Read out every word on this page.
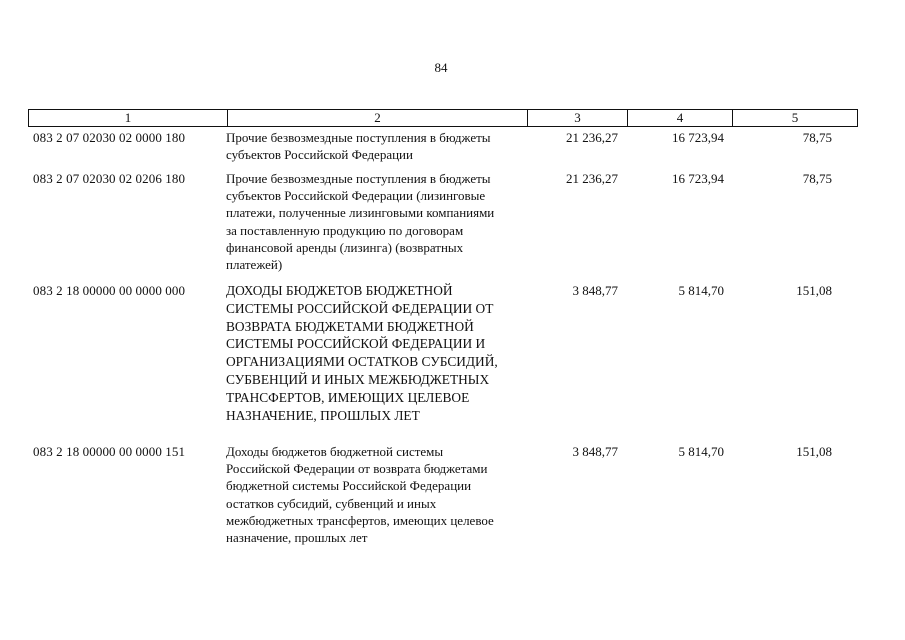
84
1	2	3	4	5
083 2 07 02030 02 0000 180	Прочие безвозмездные поступления в бюджеты
субъектов Российской Федерации
21 236,27	16 723,94	78,75
083 2 07 02030 02 0206 180	Прочие безвозмездные поступления в бюджеты
субъектов Российской Федерации (лизинговые
платежи, полученные лизинговыми компаниями
за поставленную продукцию по договорам
финансовой аренды (лизинга) (возвратных
платежей)
21 236,27	16 723,94	78,75
083 2 18 00000 00 0000 000	ДОХОДЫ БЮДЖЕТОВ БЮДЖЕТНОЙ
СИСТЕМЫ РОССИЙСКОЙ ФЕДЕРАЦИИ ОТ
ВОЗВРАТА БЮДЖЕТАМИ БЮДЖЕТНОЙ
СИСТЕМЫ РОССИЙСКОЙ ФЕДЕРАЦИИ И
ОРГАНИЗАЦИЯМИ ОСТАТКОВ СУБСИДИЙ,
СУБВЕНЦИЙ И ИНЫХ МЕЖБЮДЖЕТНЫХ
ТРАНСФЕРТОВ, ИМЕЮЩИХ ЦЕЛЕВОЕ
НАЗНАЧЕНИЕ, ПРОШЛЫХ ЛЕТ
3 848,77	5 814,70	151,08
083 2 18 00000 00 0000 151	Доходы бюджетов бюджетной системы
Российской Федерации от возврата бюджетами
бюджетной системы Российской Федерации
остатков субсидий, субвенций и иных
межбюджетных трансфертов, имеющих целевое
назначение, прошлых лет
3 848,77	5 814,70	151,08
